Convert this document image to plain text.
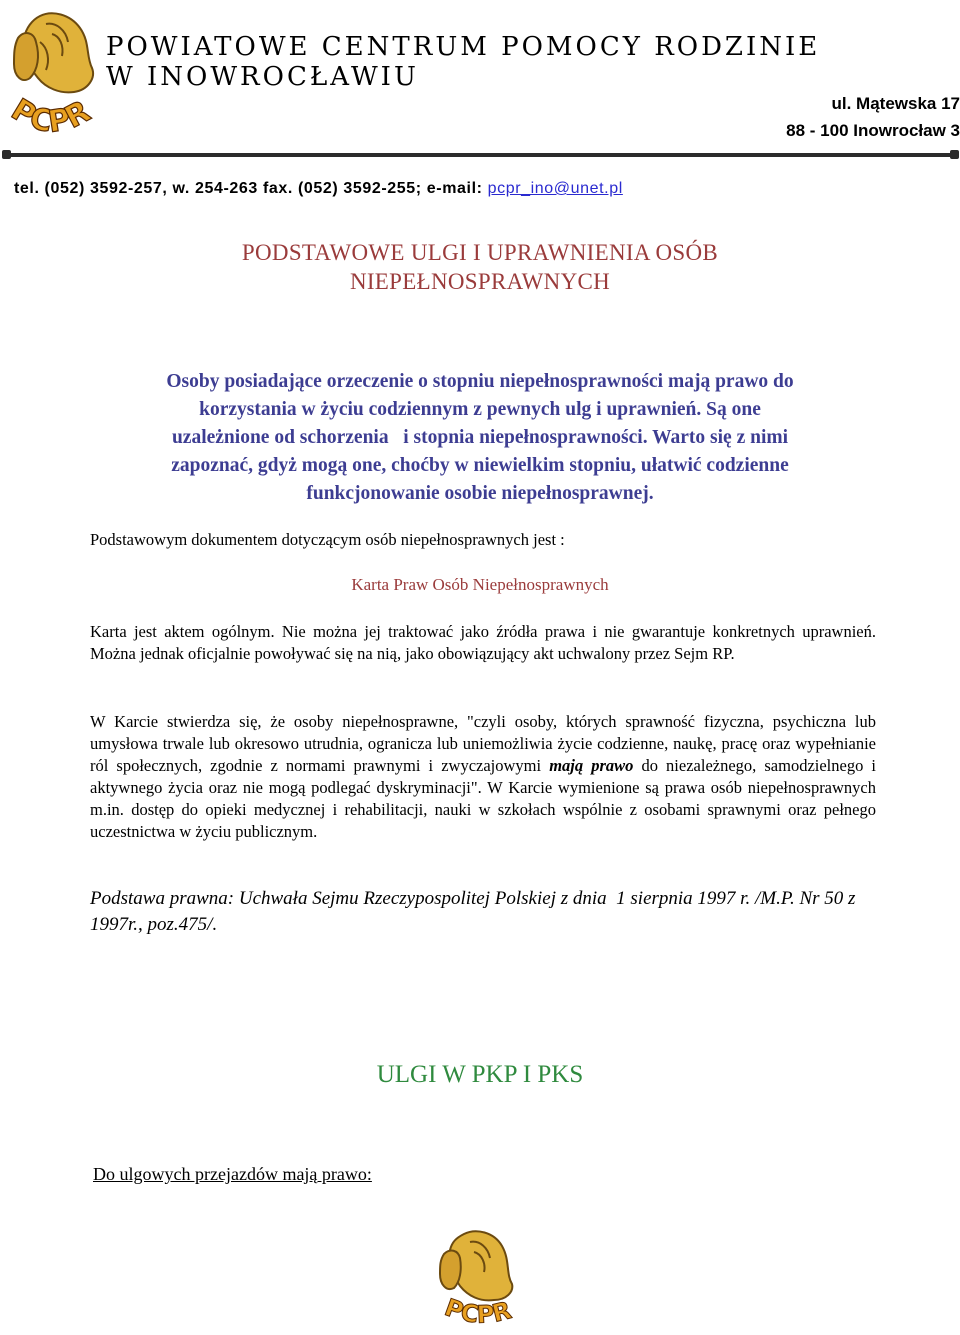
PCPR
POWIATOWE CENTRUM POMOCY RODZINIE
W INOWROCŁAWIU
ul. Mątewska 17
88 - 100 Inowrocław 3
tel. (052) 3592-257, w. 254-263 fax. (052) 3592-255; e-mail: pcpr_ino@unet.pl
PODSTAWOWE ULGI I UPRAWNIENIA OSÓB
NIEPEŁNOSPRAWNYCH
Osoby posiadające orzeczenie o stopniu niepełnosprawności mają prawo do
korzystania w życiu codziennym z pewnych ulg i uprawnień. Są one
uzależnione od schorzenia   i stopnia niepełnosprawności. Warto się z nimi
zapoznać, gdyż mogą one, choćby w niewielkim stopniu, ułatwić codzienne
funkcjonowanie osobie niepełnosprawnej.
Podstawowym dokumentem dotyczącym osób niepełnosprawnych jest :
Karta Praw Osób Niepełnosprawnych
Karta jest aktem ogólnym. Nie można jej traktować jako źródła prawa i nie gwarantuje konkretnych uprawnień. Można jednak oficjalnie powoływać się na nią, jako obowiązujący akt uchwalony przez Sejm RP.
W Karcie stwierdza się, że osoby niepełnosprawne, "czyli osoby, których sprawność fizyczna, psychiczna lub umysłowa trwale lub okresowo utrudnia, ogranicza lub uniemożliwia życie codzienne, naukę, pracę oraz wypełnianie ról społecznych, zgodnie z normami prawnymi i zwyczajowymi mają prawo do niezależnego, samodzielnego i aktywnego życia oraz nie mogą podlegać dyskryminacji". W Karcie wymienione są prawa osób niepełnosprawnych m.in. dostęp do opieki medycznej i rehabilitacji, nauki w szkołach wspólnie z osobami sprawnymi oraz pełnego uczestnictwa w życiu publicznym.
Podstawa prawna: Uchwała Sejmu Rzeczypospolitej Polskiej z dnia  1 sierpnia 1997 r. /M.P. Nr 50 z 1997r., poz.475/.
ULGI W PKP I PKS
Do ulgowych przejazdów mają prawo:
PCPR
